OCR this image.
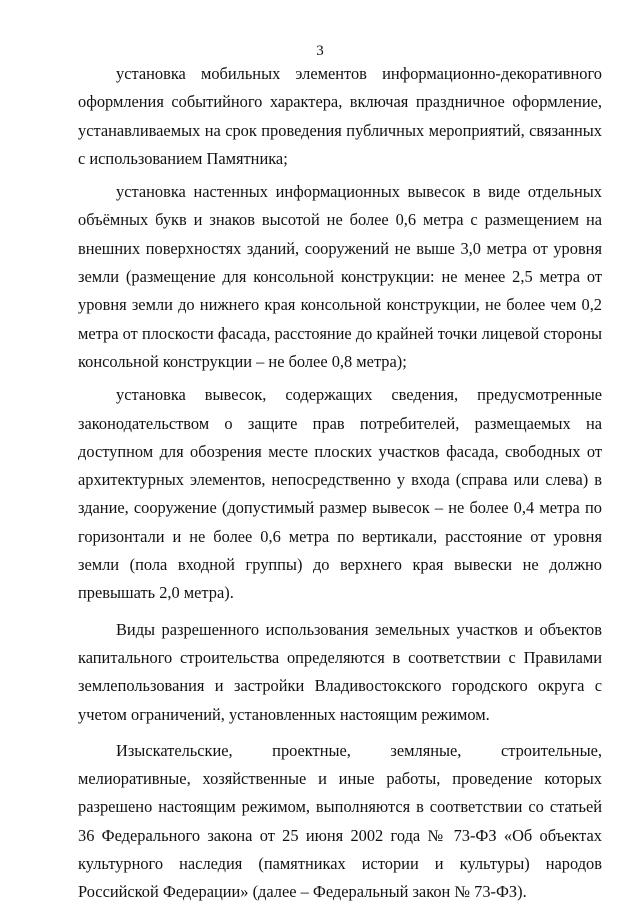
3

установка мобильных элементов информационно-декоративного оформления событийного характера, включая праздничное оформление, устанавливаемых на срок проведения публичных мероприятий, связанных с использованием Памятника;

установка настенных информационных вывесок в виде отдельных объёмных букв и знаков высотой не более 0,6 метра с размещением на внешних поверхностях зданий, сооружений не выше 3,0 метра от уровня земли (размещение для консольной конструкции: не менее 2,5 метра от уровня земли до нижнего края консольной конструкции, не более чем 0,2 метра от плоскости фасада, расстояние до крайней точки лицевой стороны консольной конструкции – не более 0,8 метра);

установка вывесок, содержащих сведения, предусмотренные законодательством о защите прав потребителей, размещаемых на доступном для обозрения месте плоских участков фасада, свободных от архитектурных элементов, непосредственно у входа (справа или слева) в здание, сооружение (допустимый размер вывесок – не более 0,4 метра по горизонтали и не более 0,6 метра по вертикали, расстояние от уровня земли (пола входной группы) до верхнего края вывески не должно превышать 2,0 метра).

Виды разрешенного использования земельных участков и объектов капитального строительства определяются в соответствии с Правилами землепользования и застройки Владивостокского городского округа с учетом ограничений, установленных настоящим режимом.

Изыскательские, проектные, земляные, строительные, мелиоративные, хозяйственные и иные работы, проведение которых разрешено настоящим режимом, выполняются в соответствии со статьей 36 Федерального закона от 25 июня 2002 года № 73-ФЗ «Об объектах культурного наследия (памятниках истории и культуры) народов Российской Федерации» (далее – Федеральный закон № 73-ФЗ).
